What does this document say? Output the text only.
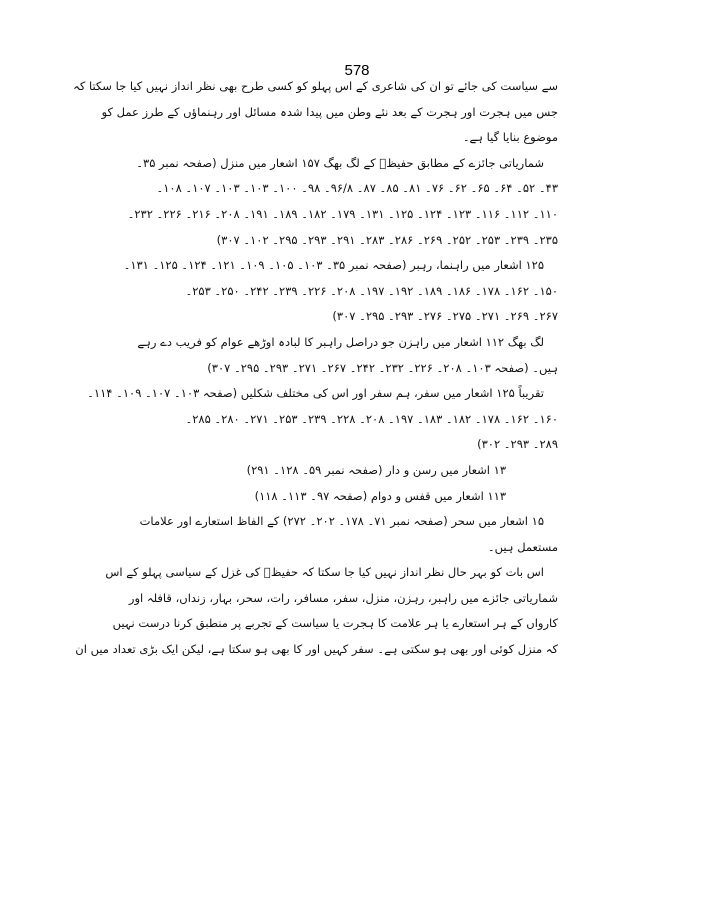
578
سے سیاست کی جائے تو ان کی شاعری کے اس پہلو کو کسی طرح بھی نظر انداز نہیں کیا جا سکتا کہ
جس میں ہجرت اور ہجرت کے بعد نئے وطن میں پیدا شدہ مسائل اور رہنماؤں کے طرز عمل کو
موضوع بنایا گیا ہے۔
شماریاتی جائزے کے مطابق حفیظؔ کے لگ بھگ ۱۵۷ اشعار میں منزل (صفحہ نمبر ۳۵۔
۴۳۔ ۵۲۔ ۶۴۔ ۶۵۔ ۶۲۔ ۷۶۔ ۸۱۔ ۸۵۔ ۸۷۔ ۹۶/۸۔ ۹۸۔ ۱۰۰۔ ۱۰۳۔ ۱۰۳۔ ۱۰۷۔ ۱۰۸۔
۱۱۰۔ ۱۱۲۔ ۱۱۶۔ ۱۲۳۔ ۱۲۴۔ ۱۲۵۔ ۱۳۱۔ ۱۷۹۔ ۱۸۲۔ ۱۸۹۔ ۱۹۱۔ ۲۰۸۔ ۲۱۶۔ ۲۲۶۔ ۲۳۲۔
۲۳۵۔ ۲۳۹۔ ۲۵۳۔ ۲۵۲۔ ۲۶۹۔ ۲۸۶۔ ۲۸۳۔ ۲۹۱۔ ۲۹۳۔ ۲۹۵۔ ۱۰۲۔ ۳۰۷)
۱۲۵ اشعار میں راہنما، رہبر (صفحہ نمبر ۳۵۔ ۱۰۳۔ ۱۰۵۔ ۱۰۹۔ ۱۲۱۔ ۱۲۴۔ ۱۲۵۔ ۱۳۱۔
۱۵۰۔ ۱۶۲۔ ۱۷۸۔ ۱۸۶۔ ۱۸۹۔ ۱۹۲۔ ۱۹۷۔ ۲۰۸۔ ۲۲۶۔ ۲۳۹۔ ۲۴۲۔ ۲۵۰۔ ۲۵۳۔
۲۶۷۔ ۲۶۹۔ ۲۷۱۔ ۲۷۵۔ ۲۷۶۔ ۲۹۳۔ ۲۹۵۔ ۳۰۷)
لگ بھگ ۱۱۲ اشعار میں راہزن جو دراصل راہبر کا لبادہ اوڑھے عوام کو فریب دے رہے
ہیں۔ (صفحہ ۱۰۳۔ ۲۰۸۔ ۲۲۶۔ ۲۳۲۔ ۲۴۲۔ ۲۶۷۔ ۲۷۱۔ ۲۹۳۔ ۲۹۵۔ ۳۰۷)
تقریباً ۱۲۵ اشعار میں سفر، ہم سفر اور اس کی مختلف شکلیں (صفحہ ۱۰۳۔ ۱۰۷۔ ۱۰۹۔ ۱۱۴۔
۱۶۰۔ ۱۶۲۔ ۱۷۸۔ ۱۸۲۔ ۱۸۳۔ ۱۹۷۔ ۲۰۸۔ ۲۲۸۔ ۲۳۹۔ ۲۵۳۔ ۲۷۱۔ ۲۸۰۔ ۲۸۵۔
۲۸۹۔ ۲۹۳۔ ۳۰۲)
۱۳ اشعار میں رسن و دار (صفحہ نمبر ۵۹۔ ۱۲۸۔ ۲۹۱)
۱۱۳ اشعار میں قفس و دوام (صفحہ ۹۷۔ ۱۱۳۔ ۱۱۸)
۱۵ اشعار میں سحر (صفحہ نمبر ۷۱۔ ۱۷۸۔ ۲۰۲۔ ۲۷۲) کے الفاظ استعارے اور علامات
مستعمل ہیں۔
اس بات کو بہر حال نظر انداز نہیں کیا جا سکتا کہ حفیظؔ کی غزل کے سیاسی پہلو کے اس
شماریاتی جائزے میں راہبر، رہزن، منزل، سفر، مسافر، رات، سحر، بہار، زنداں، قافلہ اور
کارواں کے ہر استعارے یا ہر علامت کا ہجرت یا سیاست کے تجربے پر منطبق کرنا درست نہیں
کہ منزل کوئی اور بھی ہو سکتی ہے۔ سفر کہیں اور کا بھی ہو سکتا ہے، لیکن ایک بڑی تعداد میں ان
